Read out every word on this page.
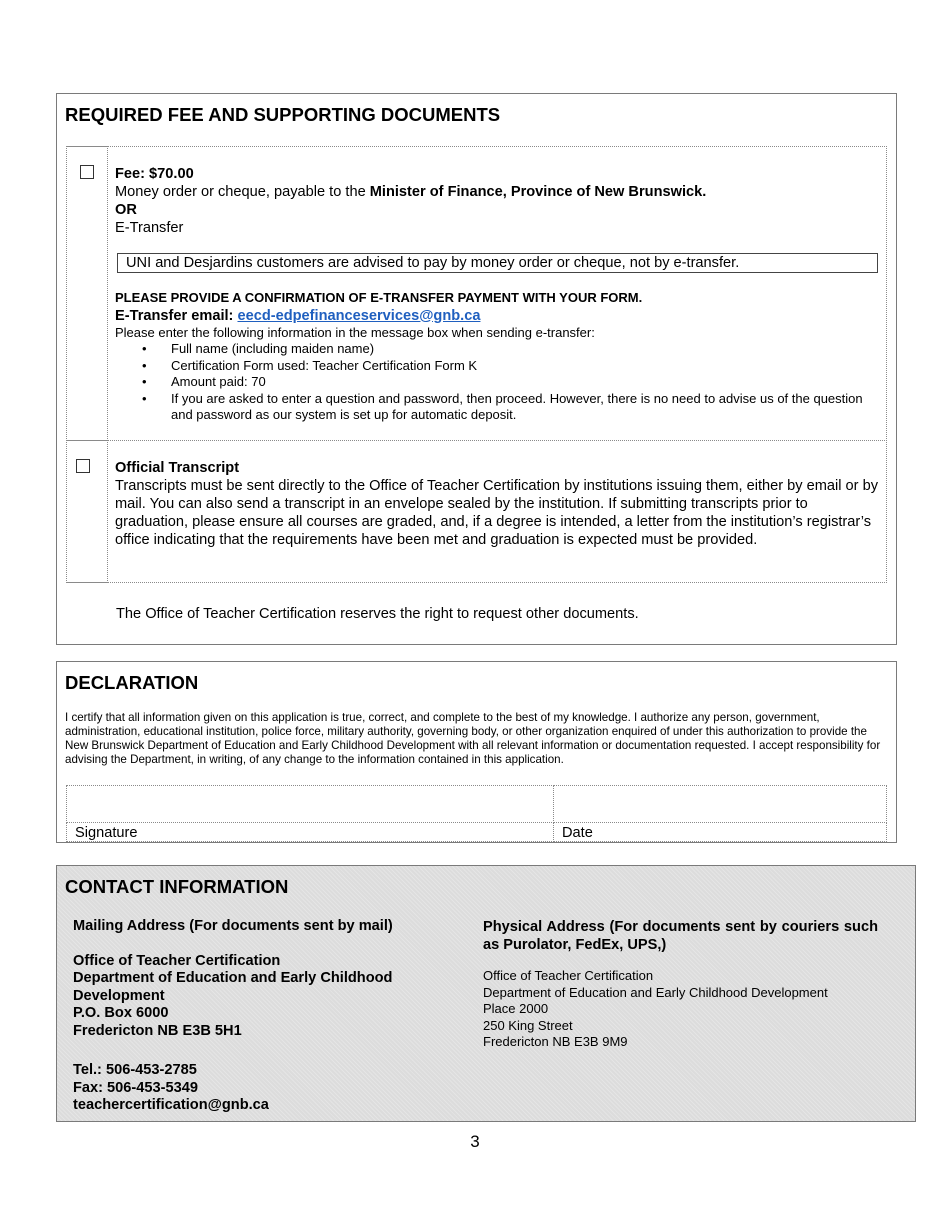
REQUIRED FEE AND SUPPORTING DOCUMENTS
Fee: $70.00
Money order or cheque, payable to the Minister of Finance, Province of New Brunswick.
OR
E-Transfer
UNI and Desjardins customers are advised to pay by money order or cheque, not by e-transfer.
PLEASE PROVIDE A CONFIRMATION OF E-TRANSFER PAYMENT WITH YOUR FORM.
E-Transfer email: eecd-edpefinanceservices@gnb.ca
Please enter the following information in the message box when sending e-transfer:
• Full name (including maiden name)
• Certification Form used: Teacher Certification Form K
• Amount paid: 70
• If you are asked to enter a question and password, then proceed. However, there is no need to advise us of the question and password as our system is set up for automatic deposit.
Official Transcript
Transcripts must be sent directly to the Office of Teacher Certification by institutions issuing them, either by email or by mail. You can also send a transcript in an envelope sealed by the institution. If submitting transcripts prior to graduation, please ensure all courses are graded, and, if a degree is intended, a letter from the institution’s registrar’s office indicating that the requirements have been met and graduation is expected must be provided.
The Office of Teacher Certification reserves the right to request other documents.
DECLARATION
I certify that all information given on this application is true, correct, and complete to the best of my knowledge. I authorize any person, government, administration, educational institution, police force, military authority, governing body, or other organization enquired of under this authorization to provide the New Brunswick Department of Education and Early Childhood Development with all relevant information or documentation requested. I accept responsibility for advising the Department, in writing, of any change to the information contained in this application.
Signature	Date
CONTACT INFORMATION
Mailing Address (For documents sent by mail)
Office of Teacher Certification
Department of Education and Early Childhood Development
P.O. Box 6000
Fredericton NB E3B 5H1
Tel.: 506-453-2785
Fax: 506-453-5349
teachercertification@gnb.ca
Physical Address (For documents sent by couriers such as Purolator, FedEx, UPS,)
Office of Teacher Certification
Department of Education and Early Childhood Development
Place 2000
250 King Street
Fredericton NB E3B 9M9
3
